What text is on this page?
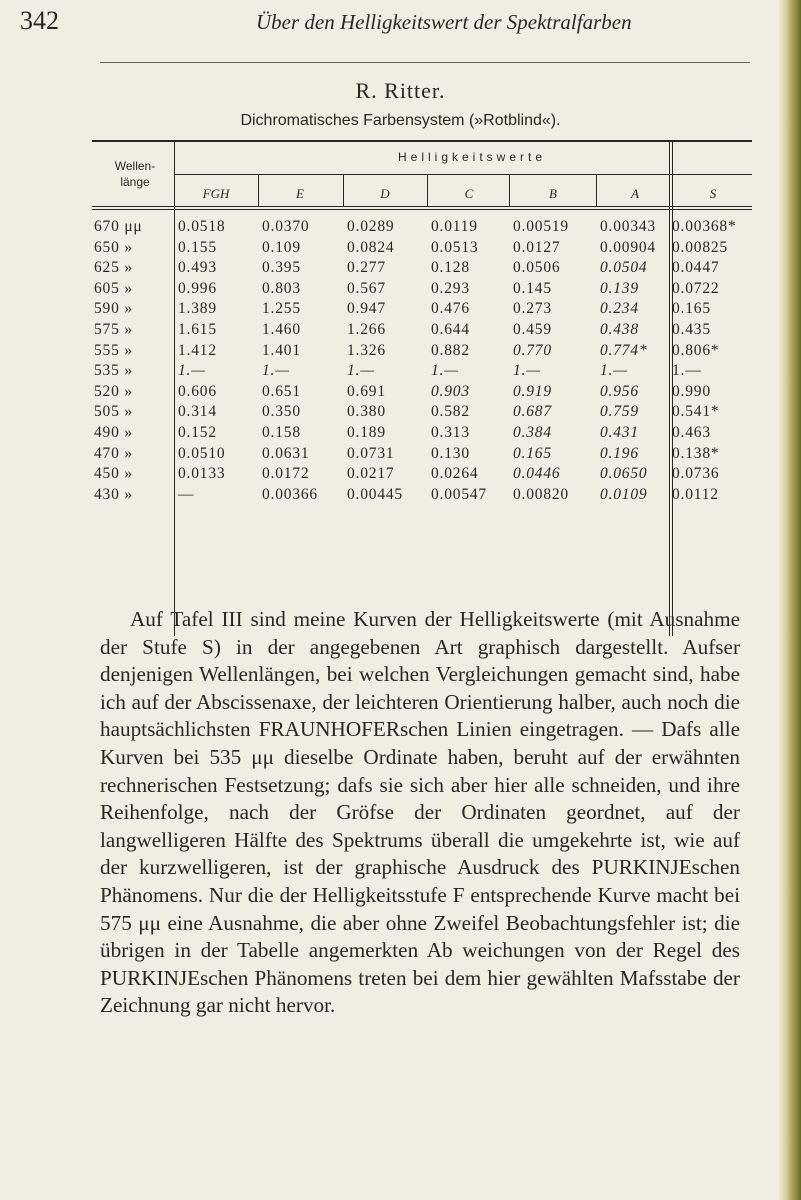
342	Über den Helligkeitswert der Spektralfarben
R. Ritter.
Dichromatisches Farbensystem (»Rotblind«).
Wellen-
länge
Helligkeitswerte
FGH	E	D	C	B	A	S
670 μμ	0.0518 0.0370 0.0289 0.0119 0.00519 0.00343 0.00368*
650 »	0.155	0.109	0.0824 0.0513 0.0127	0.00904 0.00825
625 »	0.493	0.395	0.277	0.128	0.0506	0.0504 0.0447
605 »	0.996	0.803	0.567	0.293	0.145	0.139 0.0722
590 »	1.389	1.255	0.947	0.476	0.273	0.234 0.165
575 »	1.615	1.460	1.266	0.644	0.459	0.438 0.435
555 »	1.412	1.401	1.326	0.882	0.770	0.774* 0.806*
535 »	1.—	1.—	1.—	1.—	1.—	1.—	1.—
520 »	0.606	0.651	0.691	0.903	0.919	0.956 0.990
505 »	0.314	0.350	0.380	0.582	0.687	0.759 0.541*
490 »	0.152	0.158	0.189	0.313	0.384	0.431 0.463
470 »	0.0510 0.0631 0.0731 0.130	0.165	0.196 0.138*
450 »	0.0133 0.0172 0.0217 0.0264 0.0446	0.0650 0.0736
430 »	—	0.00366 0.00445 0.00547 0.00820 0.0109 0.0112

Auf Tafel III sind meine Kurven der Helligkeitswerte (mit Ausnahme der Stufe S) in der angegebenen Art graphisch dargestellt. Aufser denjenigen Wellenlängen, bei welchen Vergleichungen gemacht sind, habe ich auf der Abscissenaxe, der leichteren Orientierung halber, auch noch die hauptsächlichsten FRAUNHOFERschen Linien eingetragen. — Dafs alle Kurven bei 535 μμ dieselbe Ordinate haben, beruht auf der erwähnten rechnerischen Festsetzung; dafs sie sich aber hier alle schneiden, und ihre Reihenfolge, nach der Gröfse der Ordinaten geordnet, auf der langwelligeren Hälfte des Spektrums überall die umgekehrte ist, wie auf der kurzwelligeren, ist der graphische Ausdruck des PURKINJEschen Phänomens. Nur die der Helligkeitsstufe F entsprechende Kurve macht bei 575 μμ eine Ausnahme, die aber ohne Zweifel Beobachtungsfehler ist; die übrigen in der Tabelle angemerkten Ab weichungen von der Regel des PURKINJEschen Phänomens treten bei dem hier gewählten Mafsstabe der Zeichnung gar nicht hervor.
